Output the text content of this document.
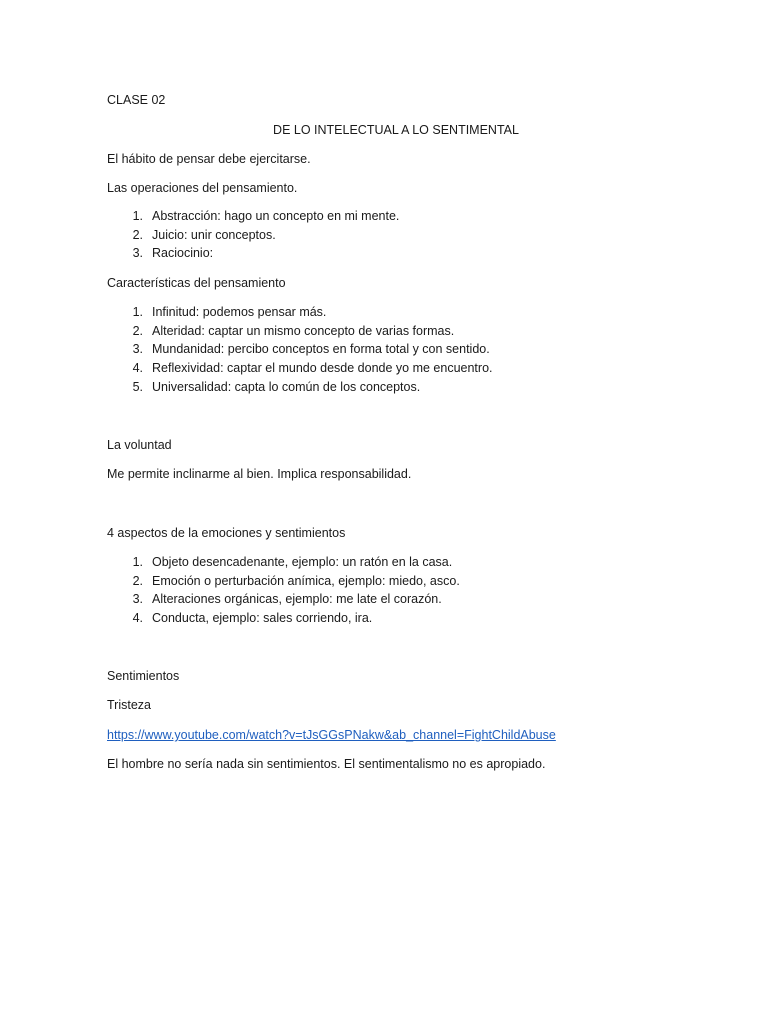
CLASE 02
DE LO INTELECTUAL A LO SENTIMENTAL
El hábito de pensar debe ejercitarse.
Las operaciones del pensamiento.
1. Abstracción: hago un concepto en mi mente.
2. Juicio: unir conceptos.
3. Raciocinio:
Características del pensamiento
1. Infinitud: podemos pensar más.
2. Alteridad: captar un mismo concepto de varias formas.
3. Mundanidad: percibo conceptos en forma total y con sentido.
4. Reflexividad: captar el mundo desde donde yo me encuentro.
5. Universalidad: capta lo común de los conceptos.
La voluntad
Me permite inclinarme al bien. Implica responsabilidad.
4 aspectos de la emociones y sentimientos
1. Objeto desencadenante, ejemplo: un ratón en la casa.
2. Emoción o perturbación anímica, ejemplo: miedo, asco.
3. Alteraciones orgánicas, ejemplo: me late el corazón.
4. Conducta, ejemplo: sales corriendo, ira.
Sentimientos
Tristeza
https://www.youtube.com/watch?v=tJsGGsPNakw&ab_channel=FightChildAbuse
El hombre no sería nada sin sentimientos. El sentimentalismo no es apropiado.
